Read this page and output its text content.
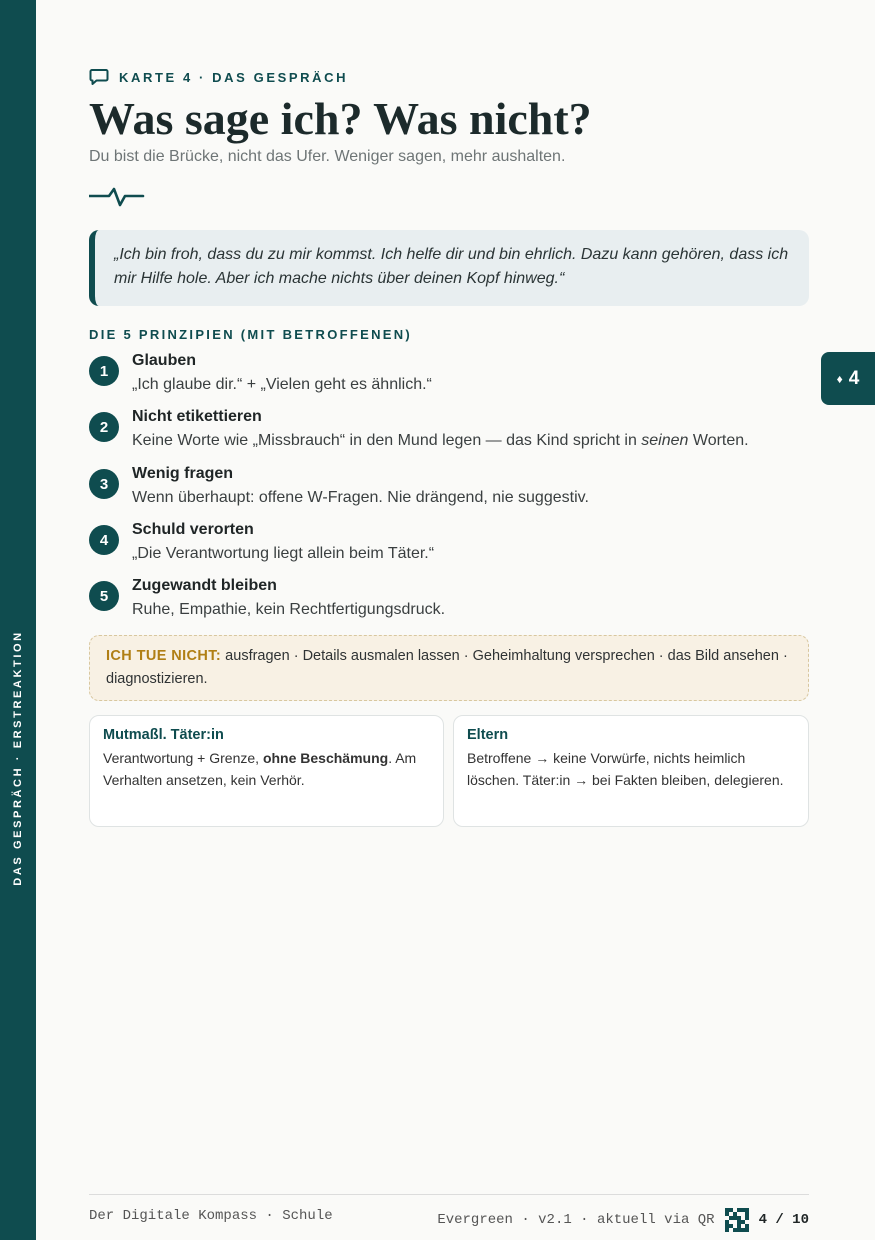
DAS GESPRÄCH · ERSTREAKTION
KARTE 4 · DAS GESPRÄCH
Was sage ich? Was nicht?
Du bist die Brücke, nicht das Ufer. Weniger sagen, mehr aushalten.
„Ich bin froh, dass du zu mir kommst. Ich helfe dir und bin ehrlich. Dazu kann gehören, dass ich mir Hilfe hole. Aber ich mache nichts über deinen Kopf hinweg.“
DIE 5 PRINZIPIEN (MIT BETROFFENEN)
1
Glauben
„Ich glaube dir.“ + „Vielen geht es ähnlich.“
2
Nicht etikettieren
Keine Worte wie „Missbrauch“ in den Mund legen — das Kind spricht in seinen Worten.
3
Wenig fragen
Wenn überhaupt: offene W-Fragen. Nie drängend, nie suggestiv.
4
Schuld verorten
„Die Verantwortung liegt allein beim Täter.“
5
Zugewandt bleiben
Ruhe, Empathie, kein Rechtfertigungsdruck.
ICH TUE NICHT: ausfragen · Details ausmalen lassen · Geheimhaltung versprechen · das Bild ansehen · diagnostizieren.
Mutmaßl. Täter:in
Verantwortung + Grenze, ohne Beschämung. Am Verhalten ansetzen, kein Verhör.
Eltern
Betroffene → keine Vorwürfe, nichts heimlich löschen. Täter:in → bei Fakten bleiben, delegieren.
♦ 4
Der Digitale Kompass · Schule	Evergreen · v2.1 · aktuell via QR	4 / 10
